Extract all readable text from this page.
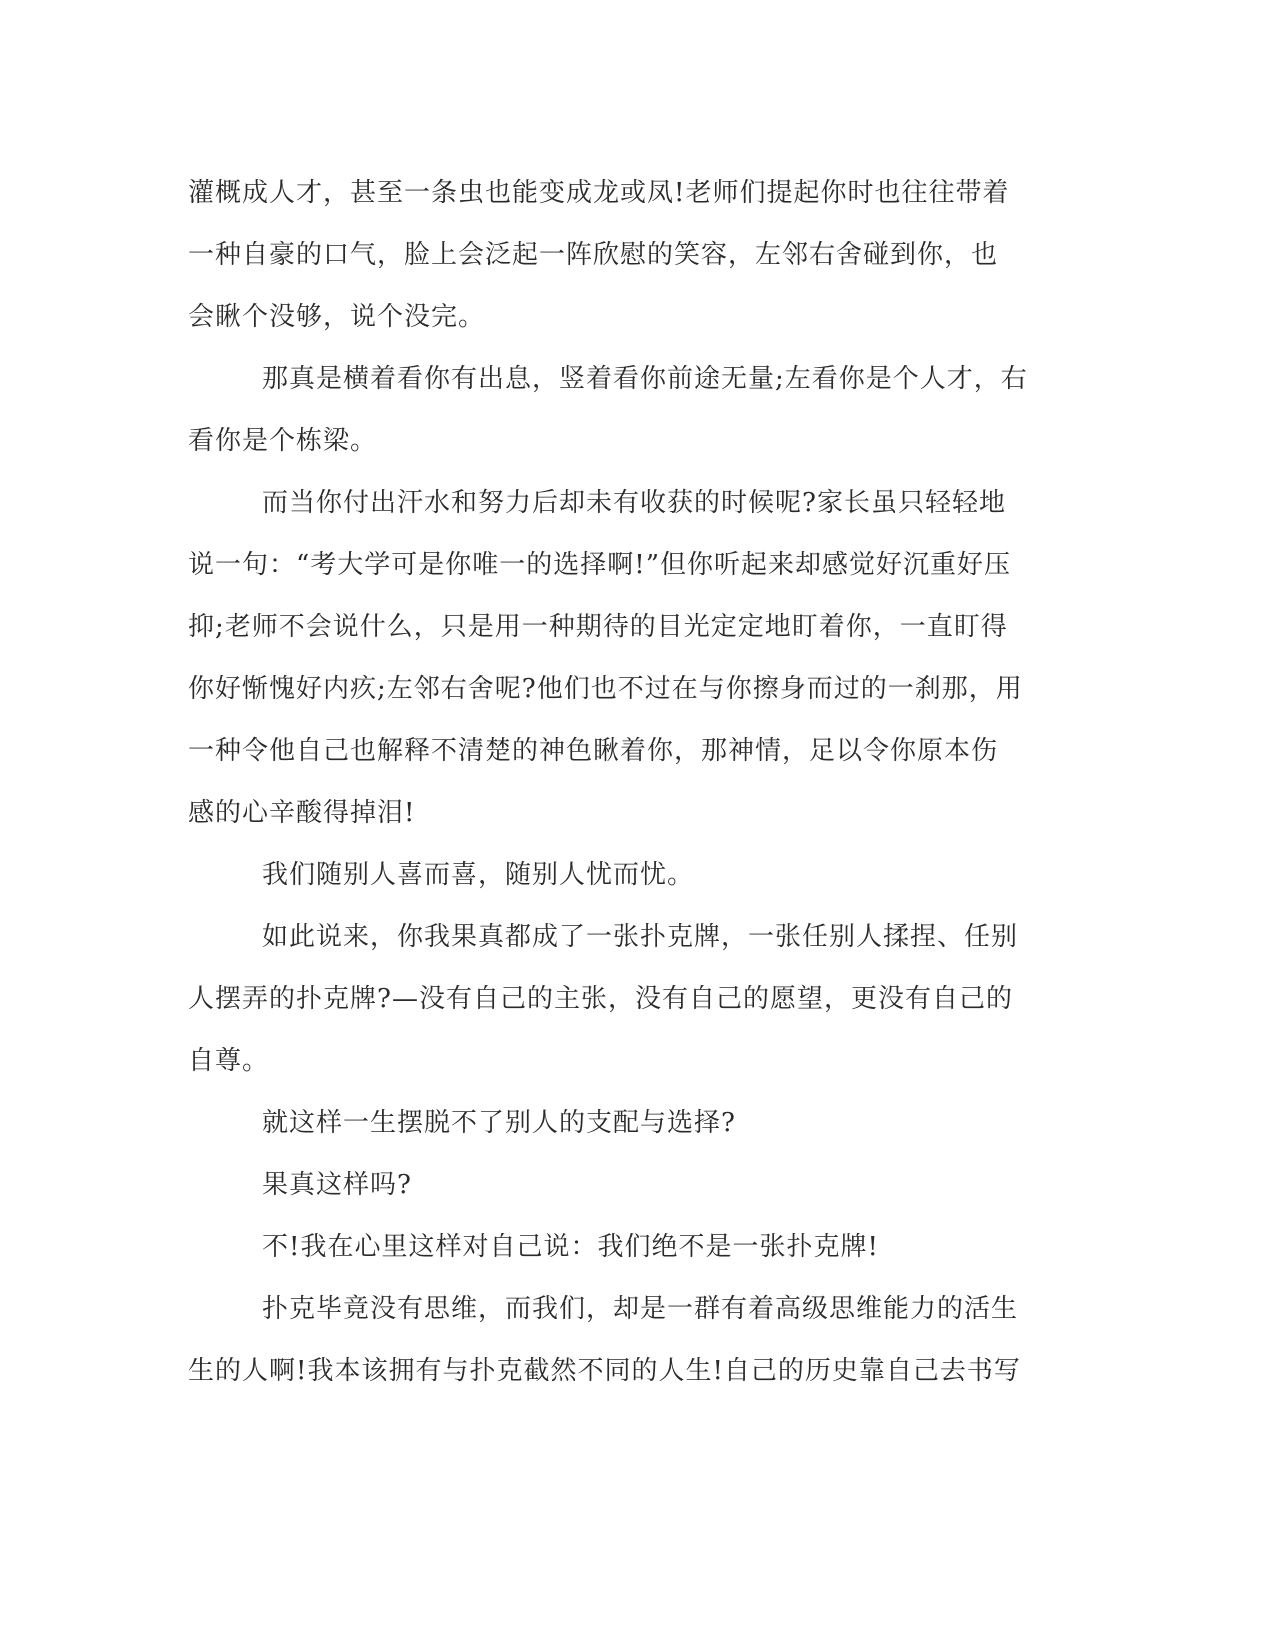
灌概成人才，甚至一条虫也能变成龙或凤!老师们提起你时也往往带着
一种自豪的口气，脸上会泛起一阵欣慰的笑容，左邻右舍碰到你，也
会瞅个没够，说个没完。
那真是横着看你有出息，竖着看你前途无量;左看你是个人才，右
看你是个栋梁。
而当你付出汗水和努力后却未有收获的时候呢?家长虽只轻轻地
说一句：“考大学可是你唯一的选择啊!”但你听起来却感觉好沉重好压
抑;老师不会说什么，只是用一种期待的目光定定地盯着你，一直盯得
你好惭愧好内疚;左邻右舍呢?他们也不过在与你擦身而过的一刹那，用
一种令他自己也解释不清楚的神色瞅着你，那神情，足以令你原本伤
感的心辛酸得掉泪!
我们随别人喜而喜，随别人忧而忧。
如此说来，你我果真都成了一张扑克牌，一张任别人揉捏、任别
人摆弄的扑克牌?—没有自己的主张，没有自己的愿望，更没有自己的
自尊。
就这样一生摆脱不了别人的支配与选择?
果真这样吗?
不!我在心里这样对自己说：我们绝不是一张扑克牌!
扑克毕竟没有思维，而我们，却是一群有着高级思维能力的活生
生的人啊!我本该拥有与扑克截然不同的人生!自己的历史靠自己去书写
